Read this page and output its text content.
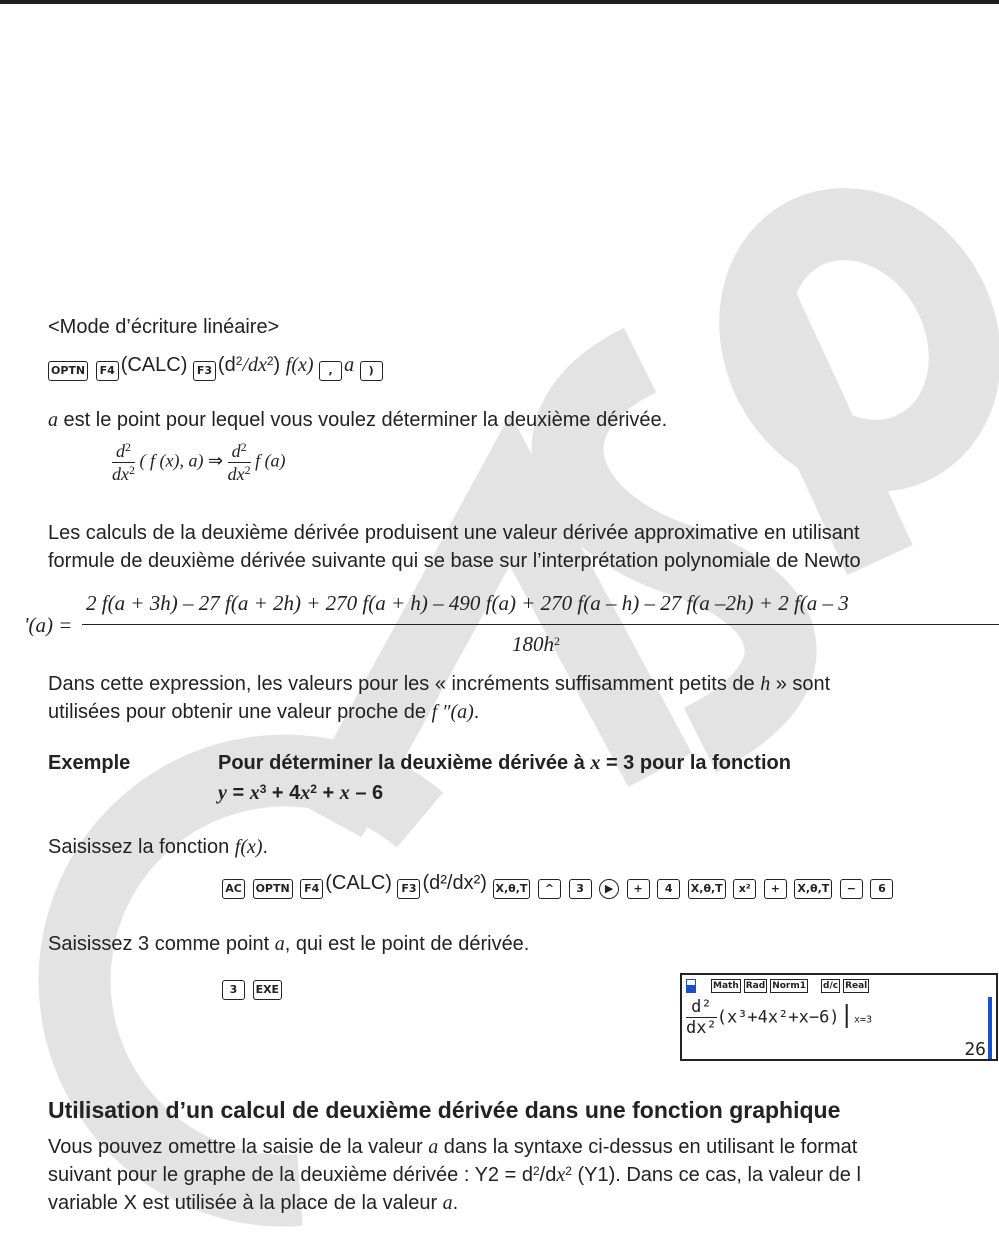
<Mode d’écriture linéaire>
OPTN F4 (CALC) F3 $(d^2/dx^2)$ f(x) , a )
a est le point pour lequel vous voulez déterminer la deuxième dérivée.
$\frac{d^2}{dx^2}$ ( f (x), a) ⇒ $\frac{d^2}{dx^2}$ f (a)
Les calculs de la deuxième dérivée produisent une valeur dérivée approximative en utilisant
formule de deuxième dérivée suivante qui se base sur l’interprétation polynomiale de Newto
'(a) =
2 f(a + 3h) – 27 f(a + 2h) + 270 f(a + h) – 490 f(a) + 270 f(a – h) – 27 f(a –2h) + 2 f(a – 3
$180h^2$
Dans cette expression, les valeurs pour les « incréments suffisamment petits de h » sont
utilisées pour obtenir une valeur proche de f ″(a).
Exemple	Pour déterminer la deuxième dérivée à x = 3 pour la fonction
$y = x^3 + 4x^2 + x - 6$
Saisissez la fonction f(x).
AC OPTN F4 (CALC) F3 (d²/dx²) X,θ,T ^ 3 ▶ + 4 X,θ,T x² + X,θ,T − 6
Saisissez 3 comme point a, qui est le point de dérivée.
3 EXE	Math Rad Norm1 d/c Real
$\frac{\text{d²}}{\text{dx²}} (x^3+4x^2+x-6)|x=3$
26
Utilisation d’un calcul de deuxième dérivée dans une fonction graphique
Vous pouvez omettre la saisie de la valeur a dans la syntaxe ci-dessus en utilisant le format
suivant pour le graphe de la deuxième dérivée : $Y2 = d^2/dx^2$ (Y1). Dans ce cas, la valeur de l
variable X est utilisée à la place de la valeur a.
